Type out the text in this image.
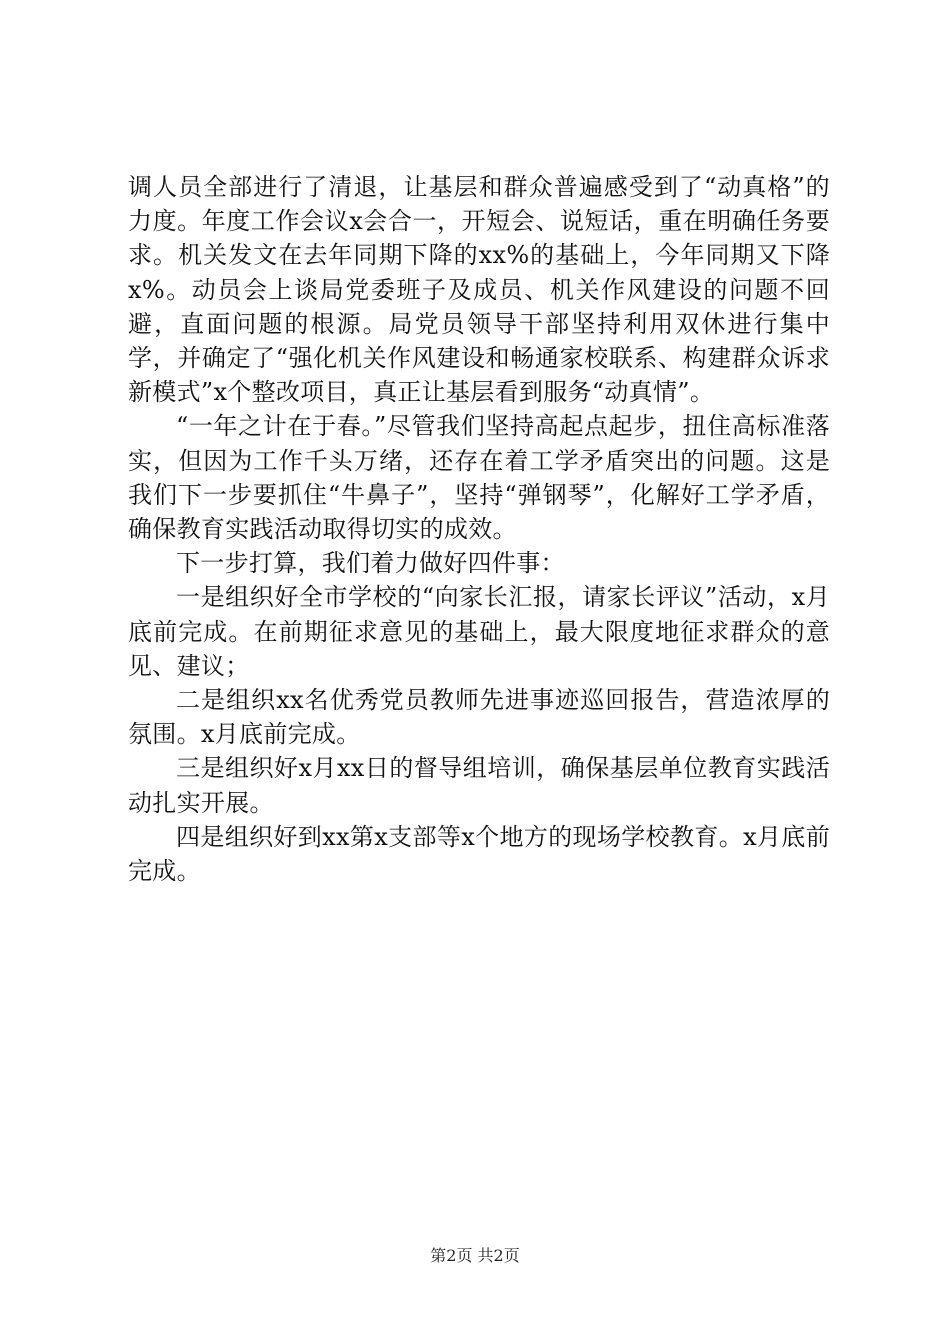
调人员全部进行了清退，让基层和群众普遍感受到了“动真格”的力度。年度工作会议x会合一，开短会、说短话，重在明确任务要求。机关发文在去年同期下降的xx%的基础上，今年同期又下降x%。动员会上谈局党委班子及成员、机关作风建设的问题不回避，直面问题的根源。局党员领导干部坚持利用双休进行集中学，并确定了“强化机关作风建设和畅通家校联系、构建群众诉求新模式”x个整改项目，真正让基层看到服务“动真情”。

“一年之计在于春。”尽管我们坚持高起点起步，扭住高标准落实，但因为工作千头万绪，还存在着工学矛盾突出的问题。这是我们下一步要抓住“牛鼻子”，坚持“弹钢琴”，化解好工学矛盾，确保教育实践活动取得切实的成效。

下一步打算，我们着力做好四件事：

一是组织好全市学校的“向家长汇报，请家长评议”活动，x月底前完成。在前期征求意见的基础上，最大限度地征求群众的意见、建议；

二是组织xx名优秀党员教师先进事迹巡回报告，营造浓厚的氛围。x月底前完成。

三是组织好x月xx日的督导组培训，确保基层单位教育实践活动扎实开展。

四是组织好到xx第x支部等x个地方的现场学校教育。x月底前完成。

第2页 共2页
